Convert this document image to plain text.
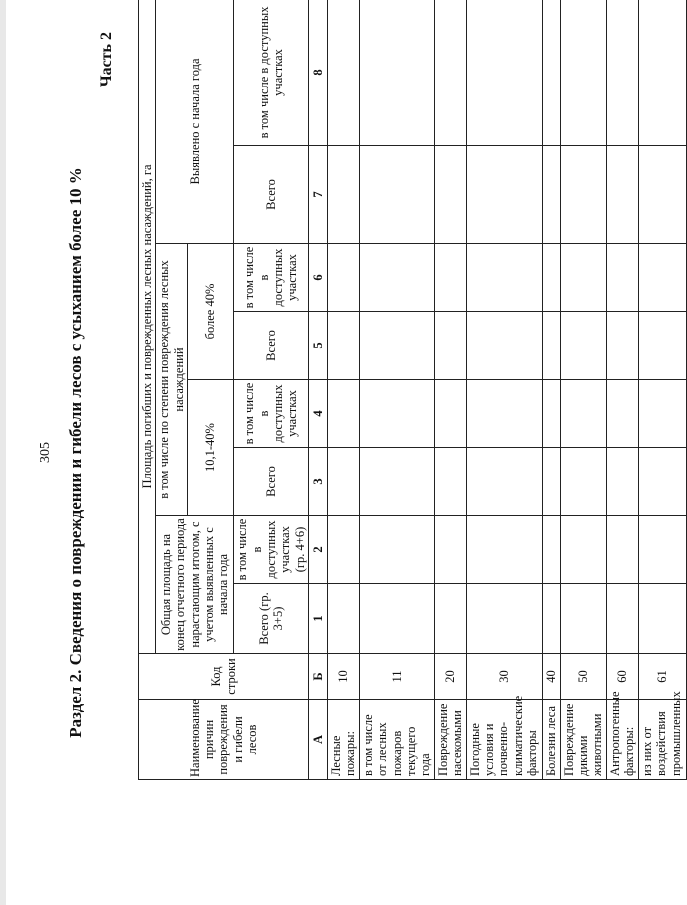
305 Раздел 2. Сведения о повреждении и гибели лесов с усыханием более 10 %
Часть 2
Наименование причин повреждения и гибели лесов	Код строки	Площадь погибших и поврежденных лесных насаждений, га							
		Общая площадь на конец отчетного периода нарастающим итогом, с учетом выявленных с начала года		в том числе по степени повреждения лесных насаждений				Выявлено с начала года	
				10,1-40%		более 40%			
		Всего (гр. 3+5)	в том числе в доступных участках (гр. 4+6)	Всего	в том числе в доступных участках	Всего	в том числе в доступных участках	Всего	в том числе в доступных участках
А	Б	1	2	3	4	5	6	7	8
Лесные пожары:	10								
в том числе от лесных пожаров текущего года	11								
Повреждение насекомыми	20								
Погодные условия и почвенно-климатические факторы	30								
Болезни леса	40								
Повреждение дикими животными	50								
Антропогенные факторы:	60								
из них от воздействия промышленных	61								
